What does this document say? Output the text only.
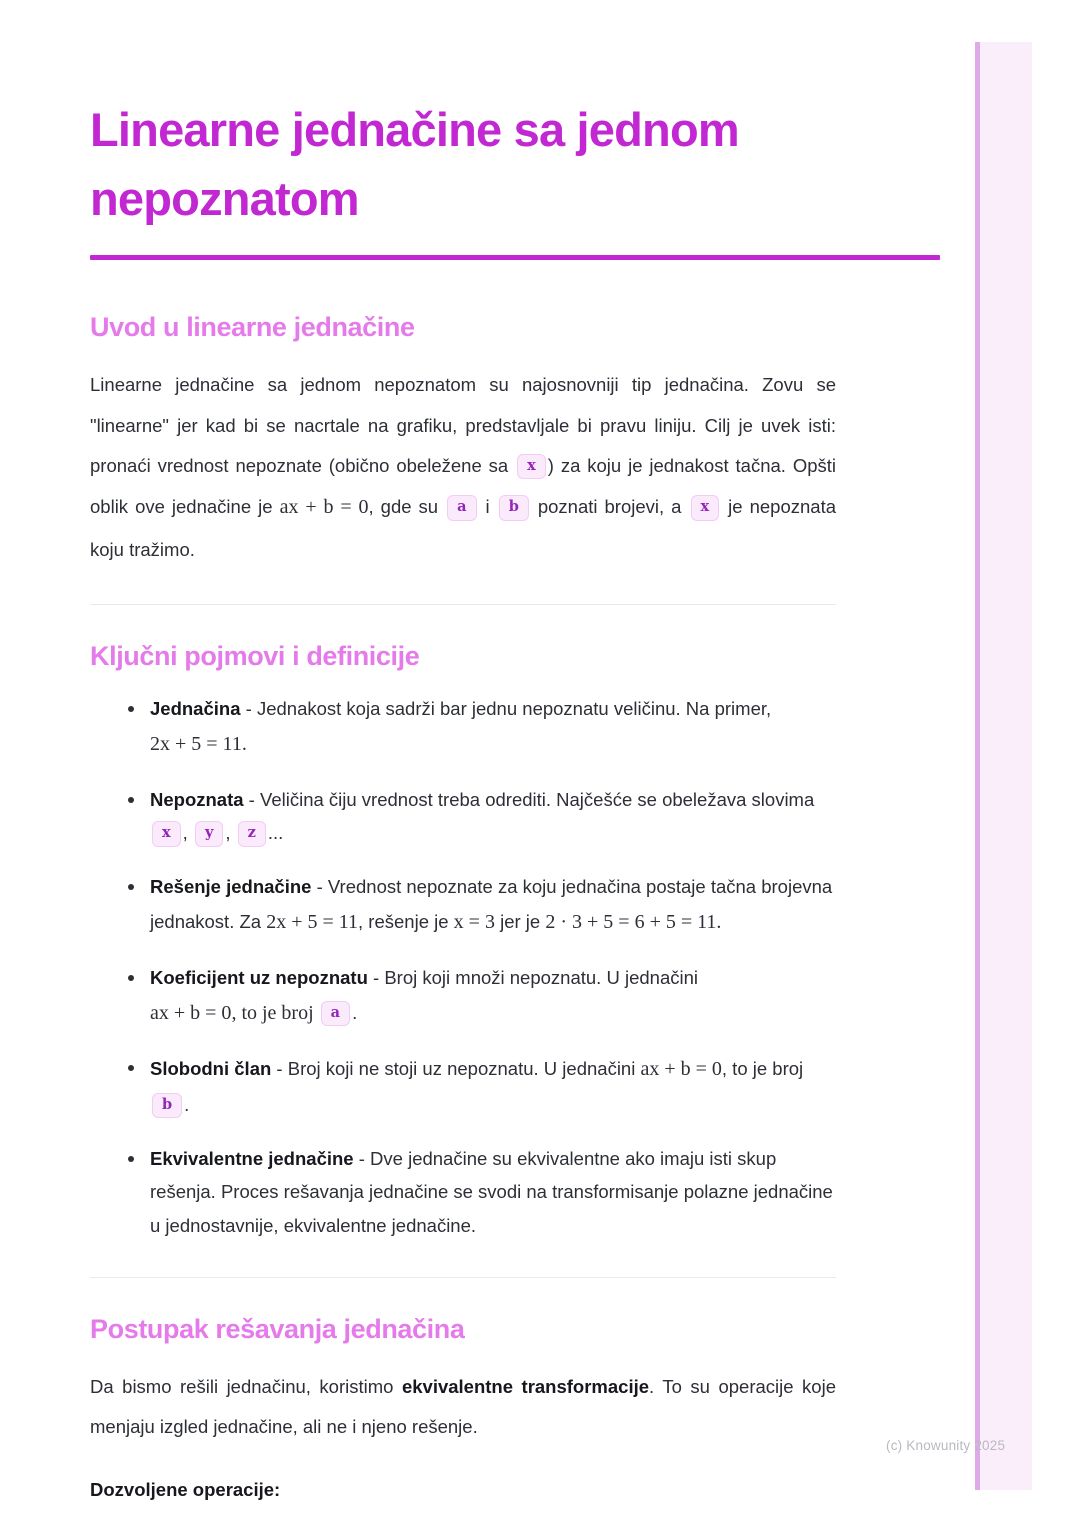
Linearne jednačine sa jednom nepoznatom
Uvod u linearne jednačine

Linearne jednačine sa jednom nepoznatom su najosnovniji tip jednačina. Zovu se "linearne" jer kad bi se nacrtale na grafiku, predstavljale bi pravu liniju. Cilj je uvek isti: pronaći vrednost nepoznate (obično obeležene sa x ) za koju je jednakost tačna. Opšti oblik ove jednačine je ax + b = 0, gde su a i b poznati brojevi, a x je nepoznata koju tražimo.

Ključni pojmovi i definicije
Jednačina - Jednakost koja sadrži bar jednu nepoznatu veličinu. Na primer, 2x + 5 = 11.
Nepoznata - Veličina čiju vrednost treba odrediti. Najčešće se obeležava slovima x , y , z ...
Rešenje jednačine - Vrednost nepoznate za koju jednačina postaje tačna brojevna jednakost. Za 2x + 5 = 11, rešenje je x = 3 jer je 2 · 3 + 5 = 6 + 5 = 11.
Koeficijent uz nepoznatu - Broj koji množi nepoznatu. U jednačini ax + b = 0, to je broj a .
Slobodni član - Broj koji ne stoji uz nepoznatu. U jednačini ax + b = 0, to je broj b .
Ekvivalentne jednačine - Dve jednačine su ekvivalentne ako imaju isti skup rešenja. Proces rešavanja jednačine se svodi na transformisanje polazne jednačine u jednostavnije, ekvivalentne jednačine.
Postupak rešavanja jednačina

Da bismo rešili jednačinu, koristimo ekvivalentne transformacije. To su operacije koje menjaju izgled jednačine, ali ne i njeno rešenje.

Dozvoljene operacije:

(c) Knowunity 2025
